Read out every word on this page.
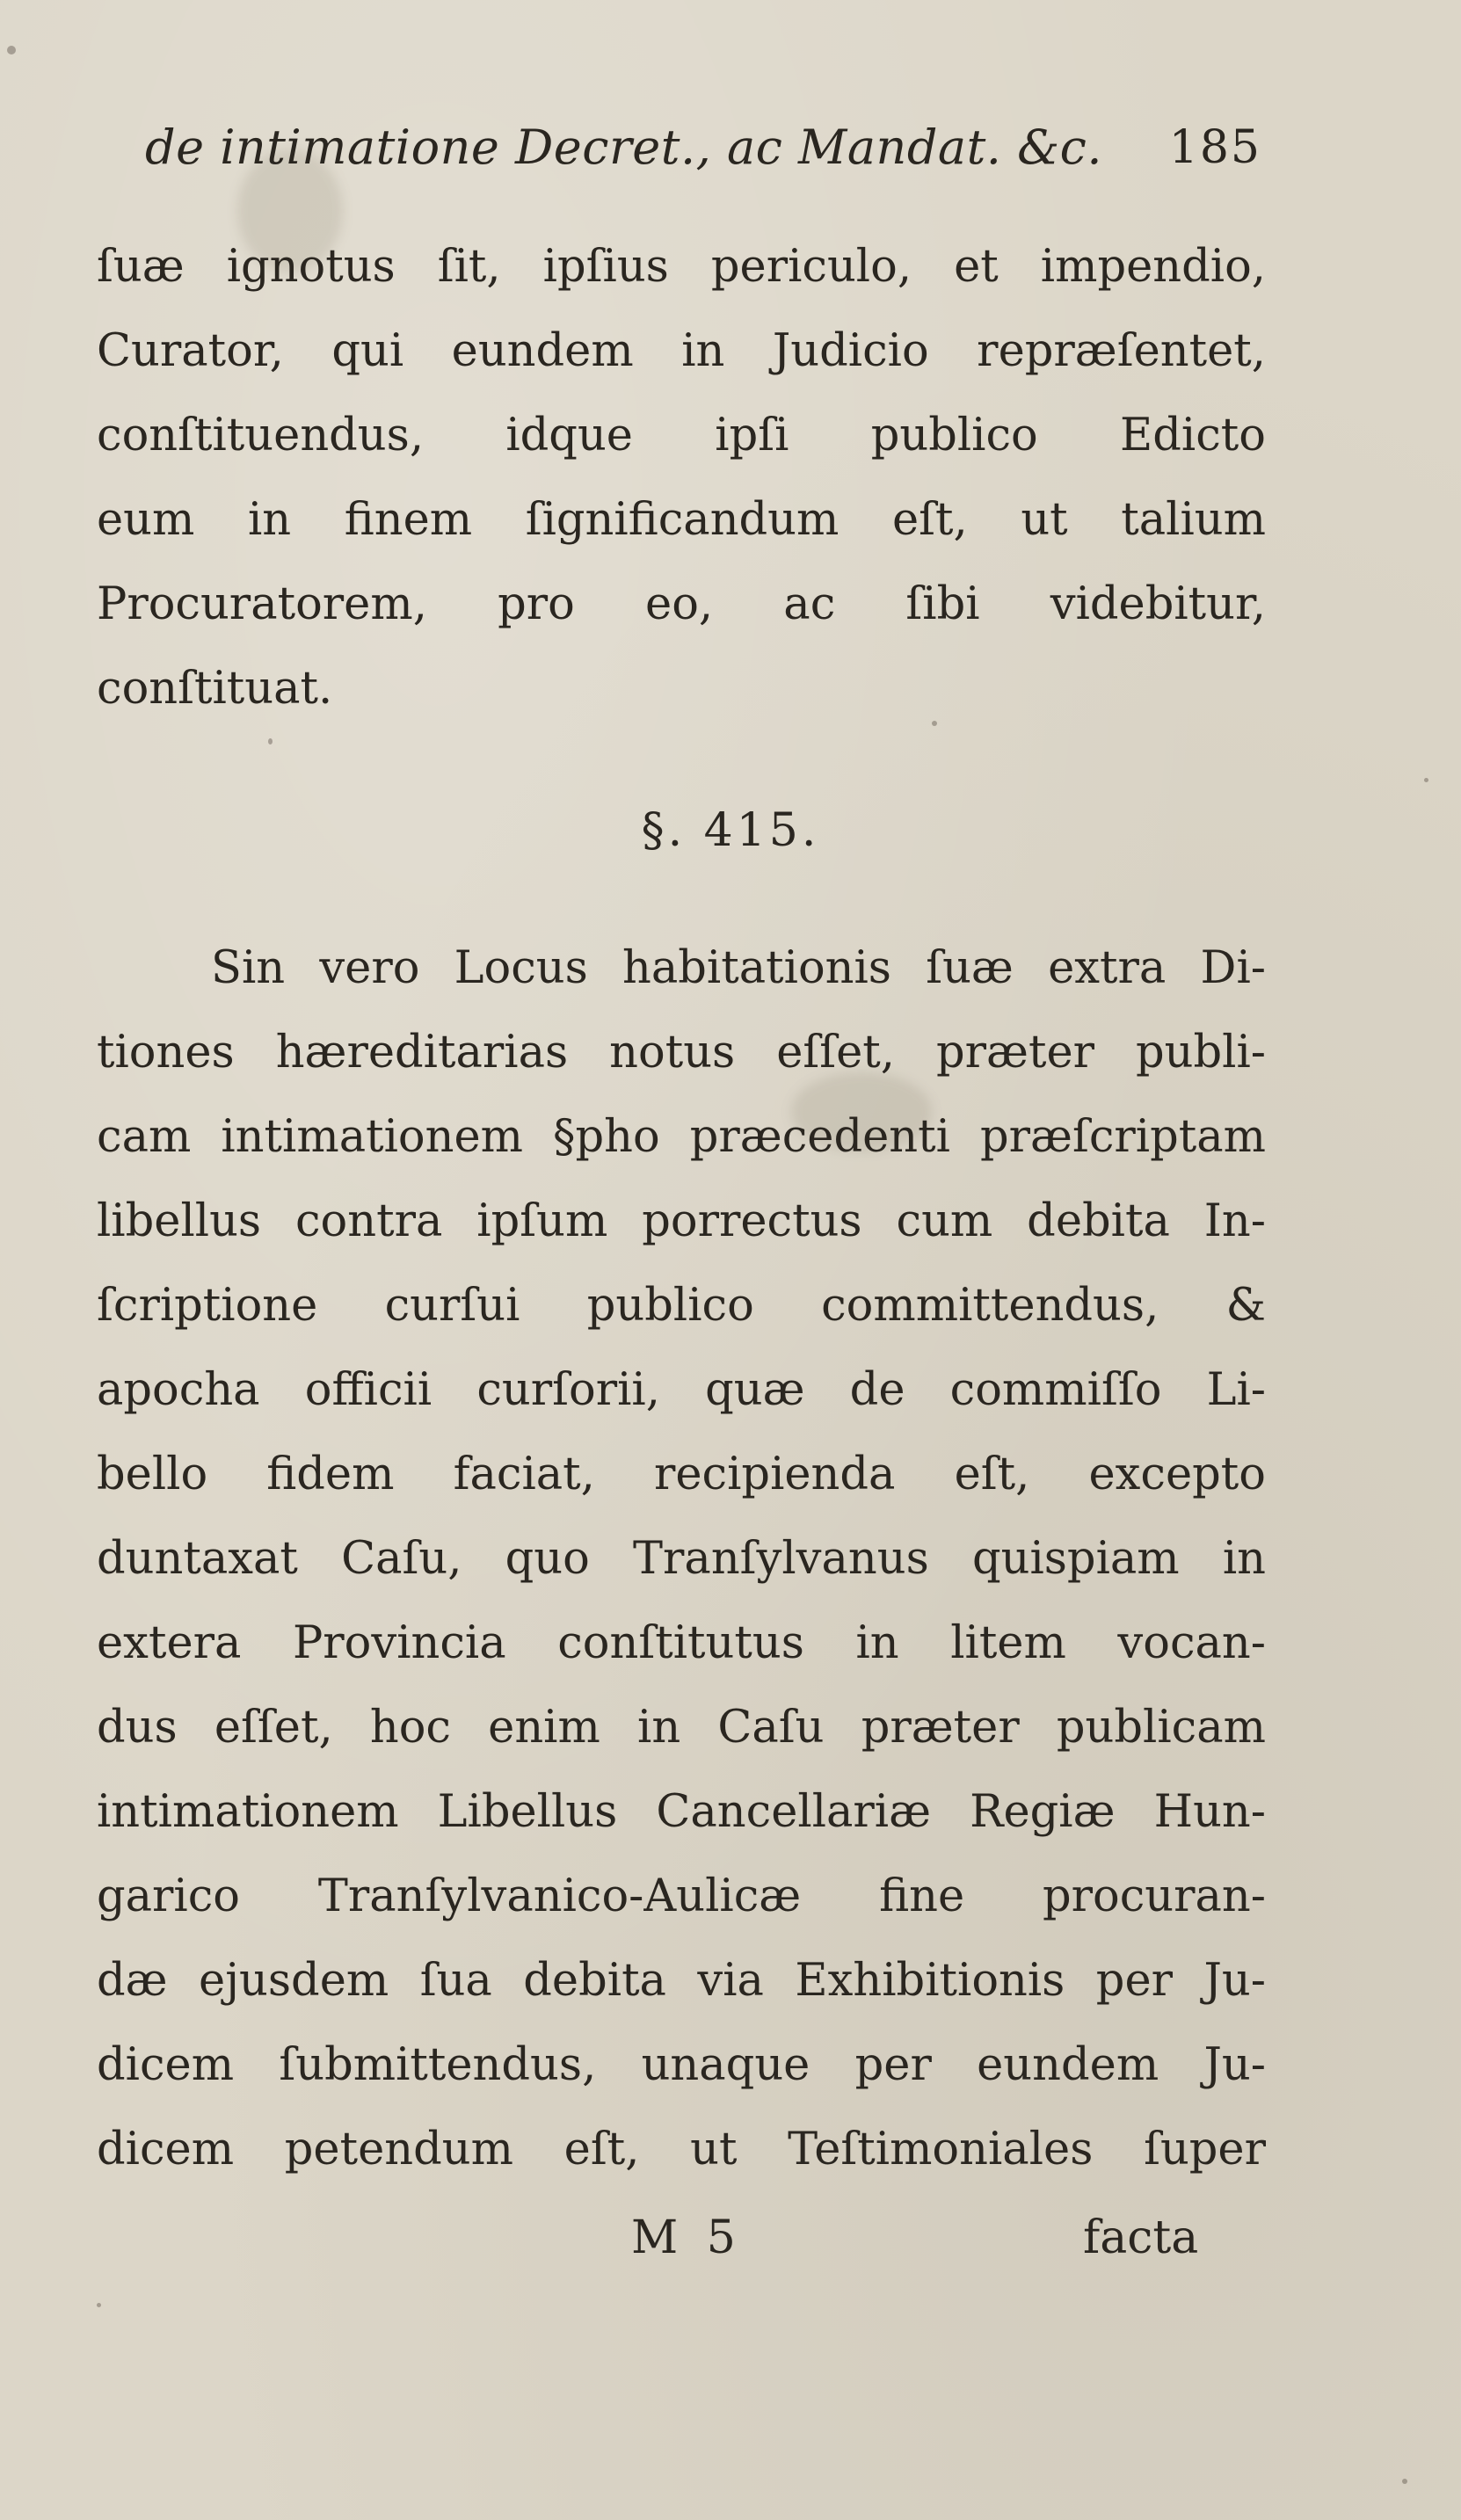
de intimatione Decret., ac Mandat. &c. 185
ſuæ ignotus ſit, ipſius periculo, et impendio,
Curator, qui eundem in Judicio repræſentet,
conſtituendus, idque ipſi publico Edicto
eum in finem ſignificandum eſt, ut talium
Procuratorem, pro eo, ac ſibi videbitur,
conſtituat.
§. 415.
Sin vero Locus habitationis ſuæ extra Di-
tiones hæreditarias notus eſſet, præter publi-
cam intimationem §pho præcedenti præſcriptam
libellus contra ipſum porrectus cum debita In-
ſcriptione curſui publico committendus, &
apocha officii curſorii, quæ de commiſſo Li-
bello fidem faciat, recipienda eſt, excepto
duntaxat Caſu, quo Tranſylvanus quispiam in
extera Provincia conſtitutus in litem vocan-
dus eſſet, hoc enim in Caſu præter publicam
intimationem Libellus Cancellariæ Regiæ Hun-
garico Tranſylvanico-Aulicæ fine procuran-
dæ ejusdem ſua debita via Exhibitionis per Ju-
dicem ſubmittendus, unaque per eundem Ju-
dicem petendum eſt, ut Teſtimoniales ſuper
M 5	facta
